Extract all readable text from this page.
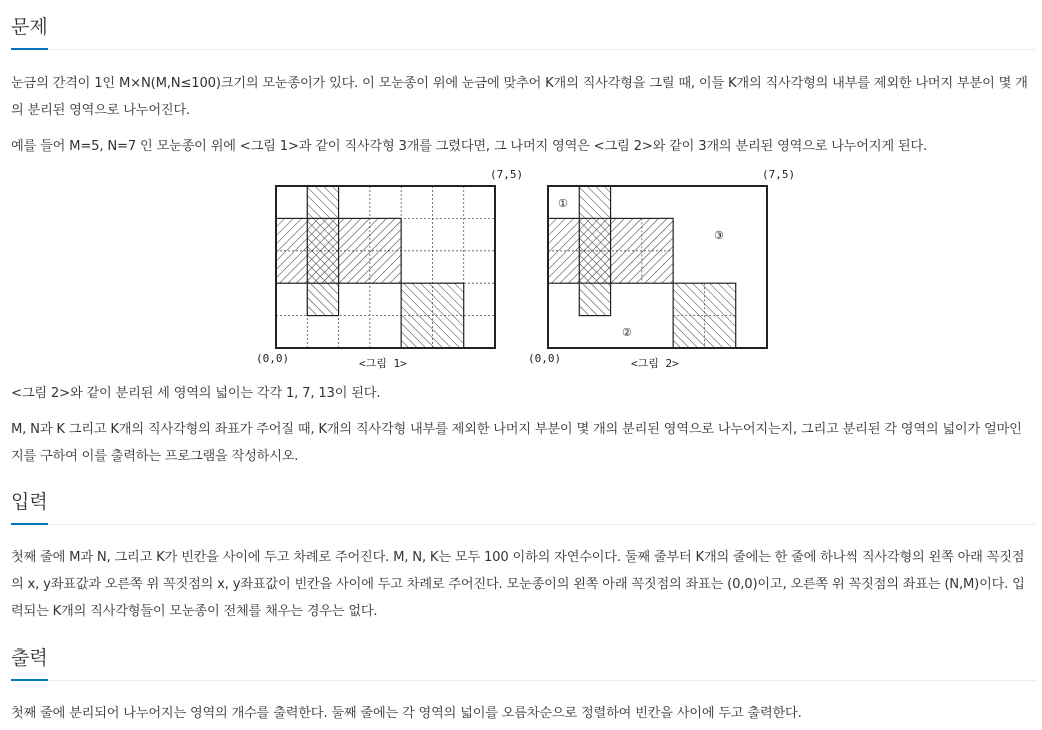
문제

눈금의 간격이 1인 M×N(M,N≤100)크기의 모눈종이가 있다. 이 모눈종이 위에 눈금에 맞추어 K개의 직사각형을 그릴 때, 이들 K개의 직사각형의 내부를 제외한 나머지 부분이 몇 개의 분리된 영역으로 나누어진다.

예를 들어 M=5, N=7 인 모눈종이 위에 <그림 1>과 같이 직사각형 3개를 그렸다면, 그 나머지 영역은 <그림 2>와 같이 3개의 분리된 영역으로 나누어지게 된다.

(0,0)
(7,5)
<그림 1>
①
②
③
(0,0)
(7,5)
<그림 2>

<그림 2>와 같이 분리된 세 영역의 넓이는 각각 1, 7, 13이 된다.

M, N과 K 그리고 K개의 직사각형의 좌표가 주어질 때, K개의 직사각형 내부를 제외한 나머지 부분이 몇 개의 분리된 영역으로 나누어지는지, 그리고 분리된 각 영역의 넓이가 얼마인지를 구하여 이를 출력하는 프로그램을 작성하시오.

입력

첫째 줄에 M과 N, 그리고 K가 빈칸을 사이에 두고 차례로 주어진다. M, N, K는 모두 100 이하의 자연수이다. 둘째 줄부터 K개의 줄에는 한 줄에 하나씩 직사각형의 왼쪽 아래 꼭짓점의 x, y좌표값과 오른쪽 위 꼭짓점의 x, y좌표값이 빈칸을 사이에 두고 차례로 주어진다. 모눈종이의 왼쪽 아래 꼭짓점의 좌표는 (0,0)이고, 오른쪽 위 꼭짓점의 좌표는 (N,M)이다. 입력되는 K개의 직사각형들이 모눈종이 전체를 채우는 경우는 없다.

출력

첫째 줄에 분리되어 나누어지는 영역의 개수를 출력한다. 둘째 줄에는 각 영역의 넓이를 오름차순으로 정렬하여 빈칸을 사이에 두고 출력한다.
